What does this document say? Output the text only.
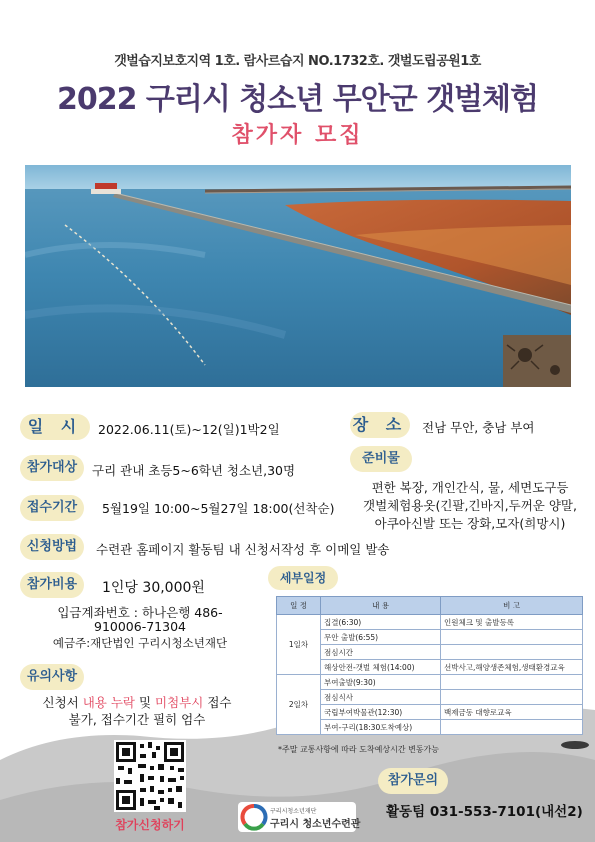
갯벌습지보호지역 1호. 람사르습지 NO.1732호. 갯벌도립공원1호
2022 구리시 청소년 무안군 갯벌체험
참가자 모집
일 시	2022.06.11(토)~12(일)1박2일	장 소 전남 무안, 충남 부여
참가대상	구리 관내 초등5~6학년 청소년,30명
준비물
편한 복장, 개인간식, 물, 세면도구등
갯벌체험용옷(긴팔,긴바지,두꺼운 양말,
아쿠아신발 또는 장화,모자(희망시)
접수기간	5월19일 10:00~5월27일 18:00(선착순)
신청방법	수련관 홈페이지 활동팀 내 신청서작성 후 이메일 발송
참가비용	1인당 30,000원
입금계좌번호 : 하나은행 486-
910006-71304
예금주:재단법인 구리시청소년재단
유의사항
신청서 내용 누락 및 미첨부시 접수
불가, 접수기간 필히 엄수
세부일정
일 정	내 용	비 고
1일차	집결(6:30)	인원체크 및 출발등록
	무안 출발(6:55)	
	점심시간	
	해상안전-갯벌 체험(14:00)	선박사고,해양생존체험,생태환경교육
2일차	부여출발(9:30)	
	점심식사	
	국립부여박물관(12:30)	백제금동 대향로교육
	부여-구리(18:30도착예상)	
*주말 교통사항에 따라 도착예상시간 변동가능
참가문의
활동팀 031-553-7101(내선2)
참가신청하기
구리시청소년재단
구리시 청소년수련관
